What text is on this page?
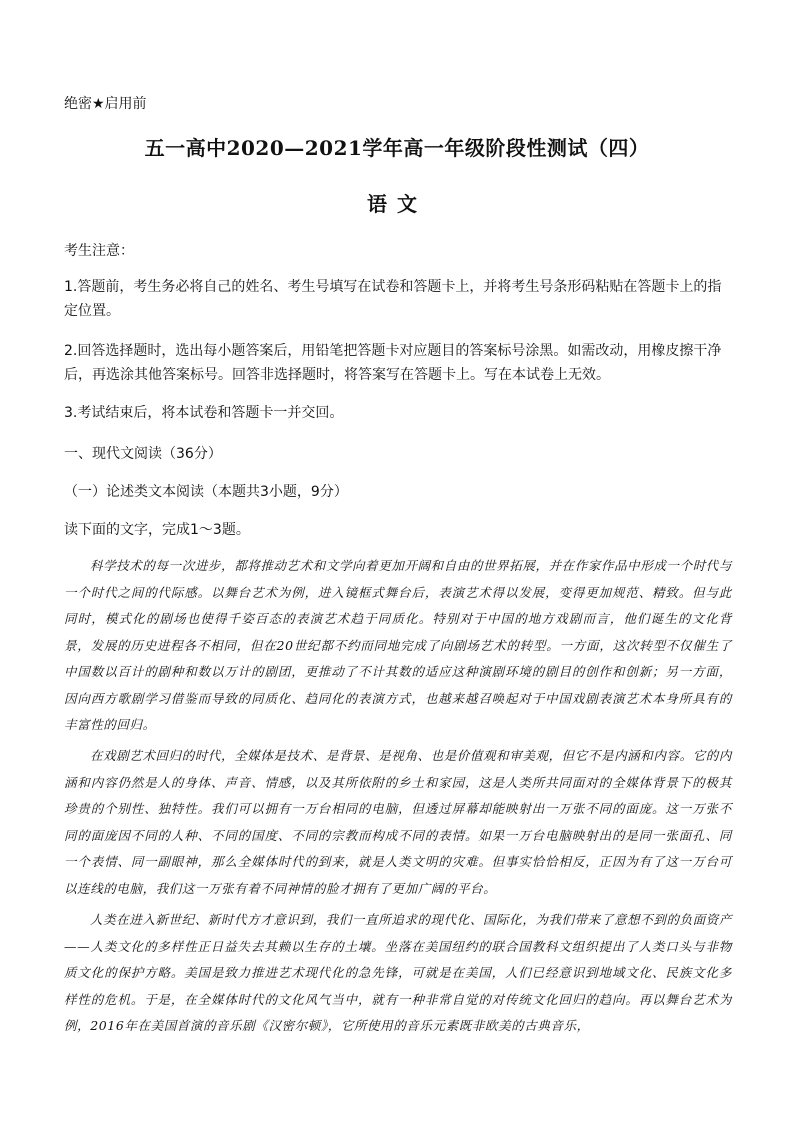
绝密★启用前
五一高中2020—2021学年高一年级阶段性测试（四）
语文
考生注意：
1.答题前，考生务必将自己的姓名、考生号填写在试卷和答题卡上，并将考生号条形码粘贴在答题卡上的指定位置。
2.回答选择题时，选出每小题答案后，用铅笔把答题卡对应题目的答案标号涂黑。如需改动，用橡皮擦干净后，再选涂其他答案标号。回答非选择题时，将答案写在答题卡上。写在本试卷上无效。
3.考试结束后，将本试卷和答题卡一并交回。
一、现代文阅读（36分）
（一）论述类文本阅读（本题共3小题，9分）
读下面的文字，完成1～3题。
科学技术的每一次进步，都将推动艺术和文学向着更加开阔和自由的世界拓展，并在作家作品中形成一个时代与一个时代之间的代际感。以舞台艺术为例，进入镜框式舞台后，表演艺术得以发展，变得更加规范、精致。但与此同时，模式化的剧场也使得千姿百态的表演艺术趋于同质化。特别对于中国的地方戏剧而言，他们诞生的文化背景，发展的历史进程各不相同，但在20世纪都不约而同地完成了向剧场艺术的转型。一方面，这次转型不仅催生了中国数以百计的剧种和数以万计的剧团，更推动了不计其数的适应这种演剧环境的剧目的创作和创新；另一方面，因向西方歌剧学习借鉴而导致的同质化、趋同化的表演方式，也越来越召唤起对于中国戏剧表演艺术本身所具有的丰富性的回归。
在戏剧艺术回归的时代，全媒体是技术、是背景、是视角、也是价值观和审美观，但它不是内涵和内容。它的内涵和内容仍然是人的身体、声音、情感，以及其所依附的乡土和家园，这是人类所共同面对的全媒体背景下的极其珍贵的个别性、独特性。我们可以拥有一万台相同的电脑，但透过屏幕却能映射出一万张不同的面庞。这一万张不同的面庞因不同的人种、不同的国度、不同的宗教而构成不同的表情。如果一万台电脑映射出的是同一张面孔、同一个表情、同一副眼神，那么全媒体时代的到来，就是人类文明的灾难。但事实恰恰相反，正因为有了这一万台可以连线的电脑，我们这一万张有着不同神情的脸才拥有了更加广阔的平台。
人类在进入新世纪、新时代方才意识到，我们一直所追求的现代化、国际化，为我们带来了意想不到的负面资产——人类文化的多样性正日益失去其赖以生存的土壤。坐落在美国纽约的联合国教科文组织提出了人类口头与非物质文化的保护方略。美国是致力推进艺术现代化的急先锋，可就是在美国，人们已经意识到地域文化、民族文化多样性的危机。于是，在全媒体时代的文化风气当中，就有一种非常自觉的对传统文化回归的趋向。再以舞台艺术为例，2016年在美国首演的音乐剧《汉密尔顿》，它所使用的音乐元素既非欧美的古典音乐，
